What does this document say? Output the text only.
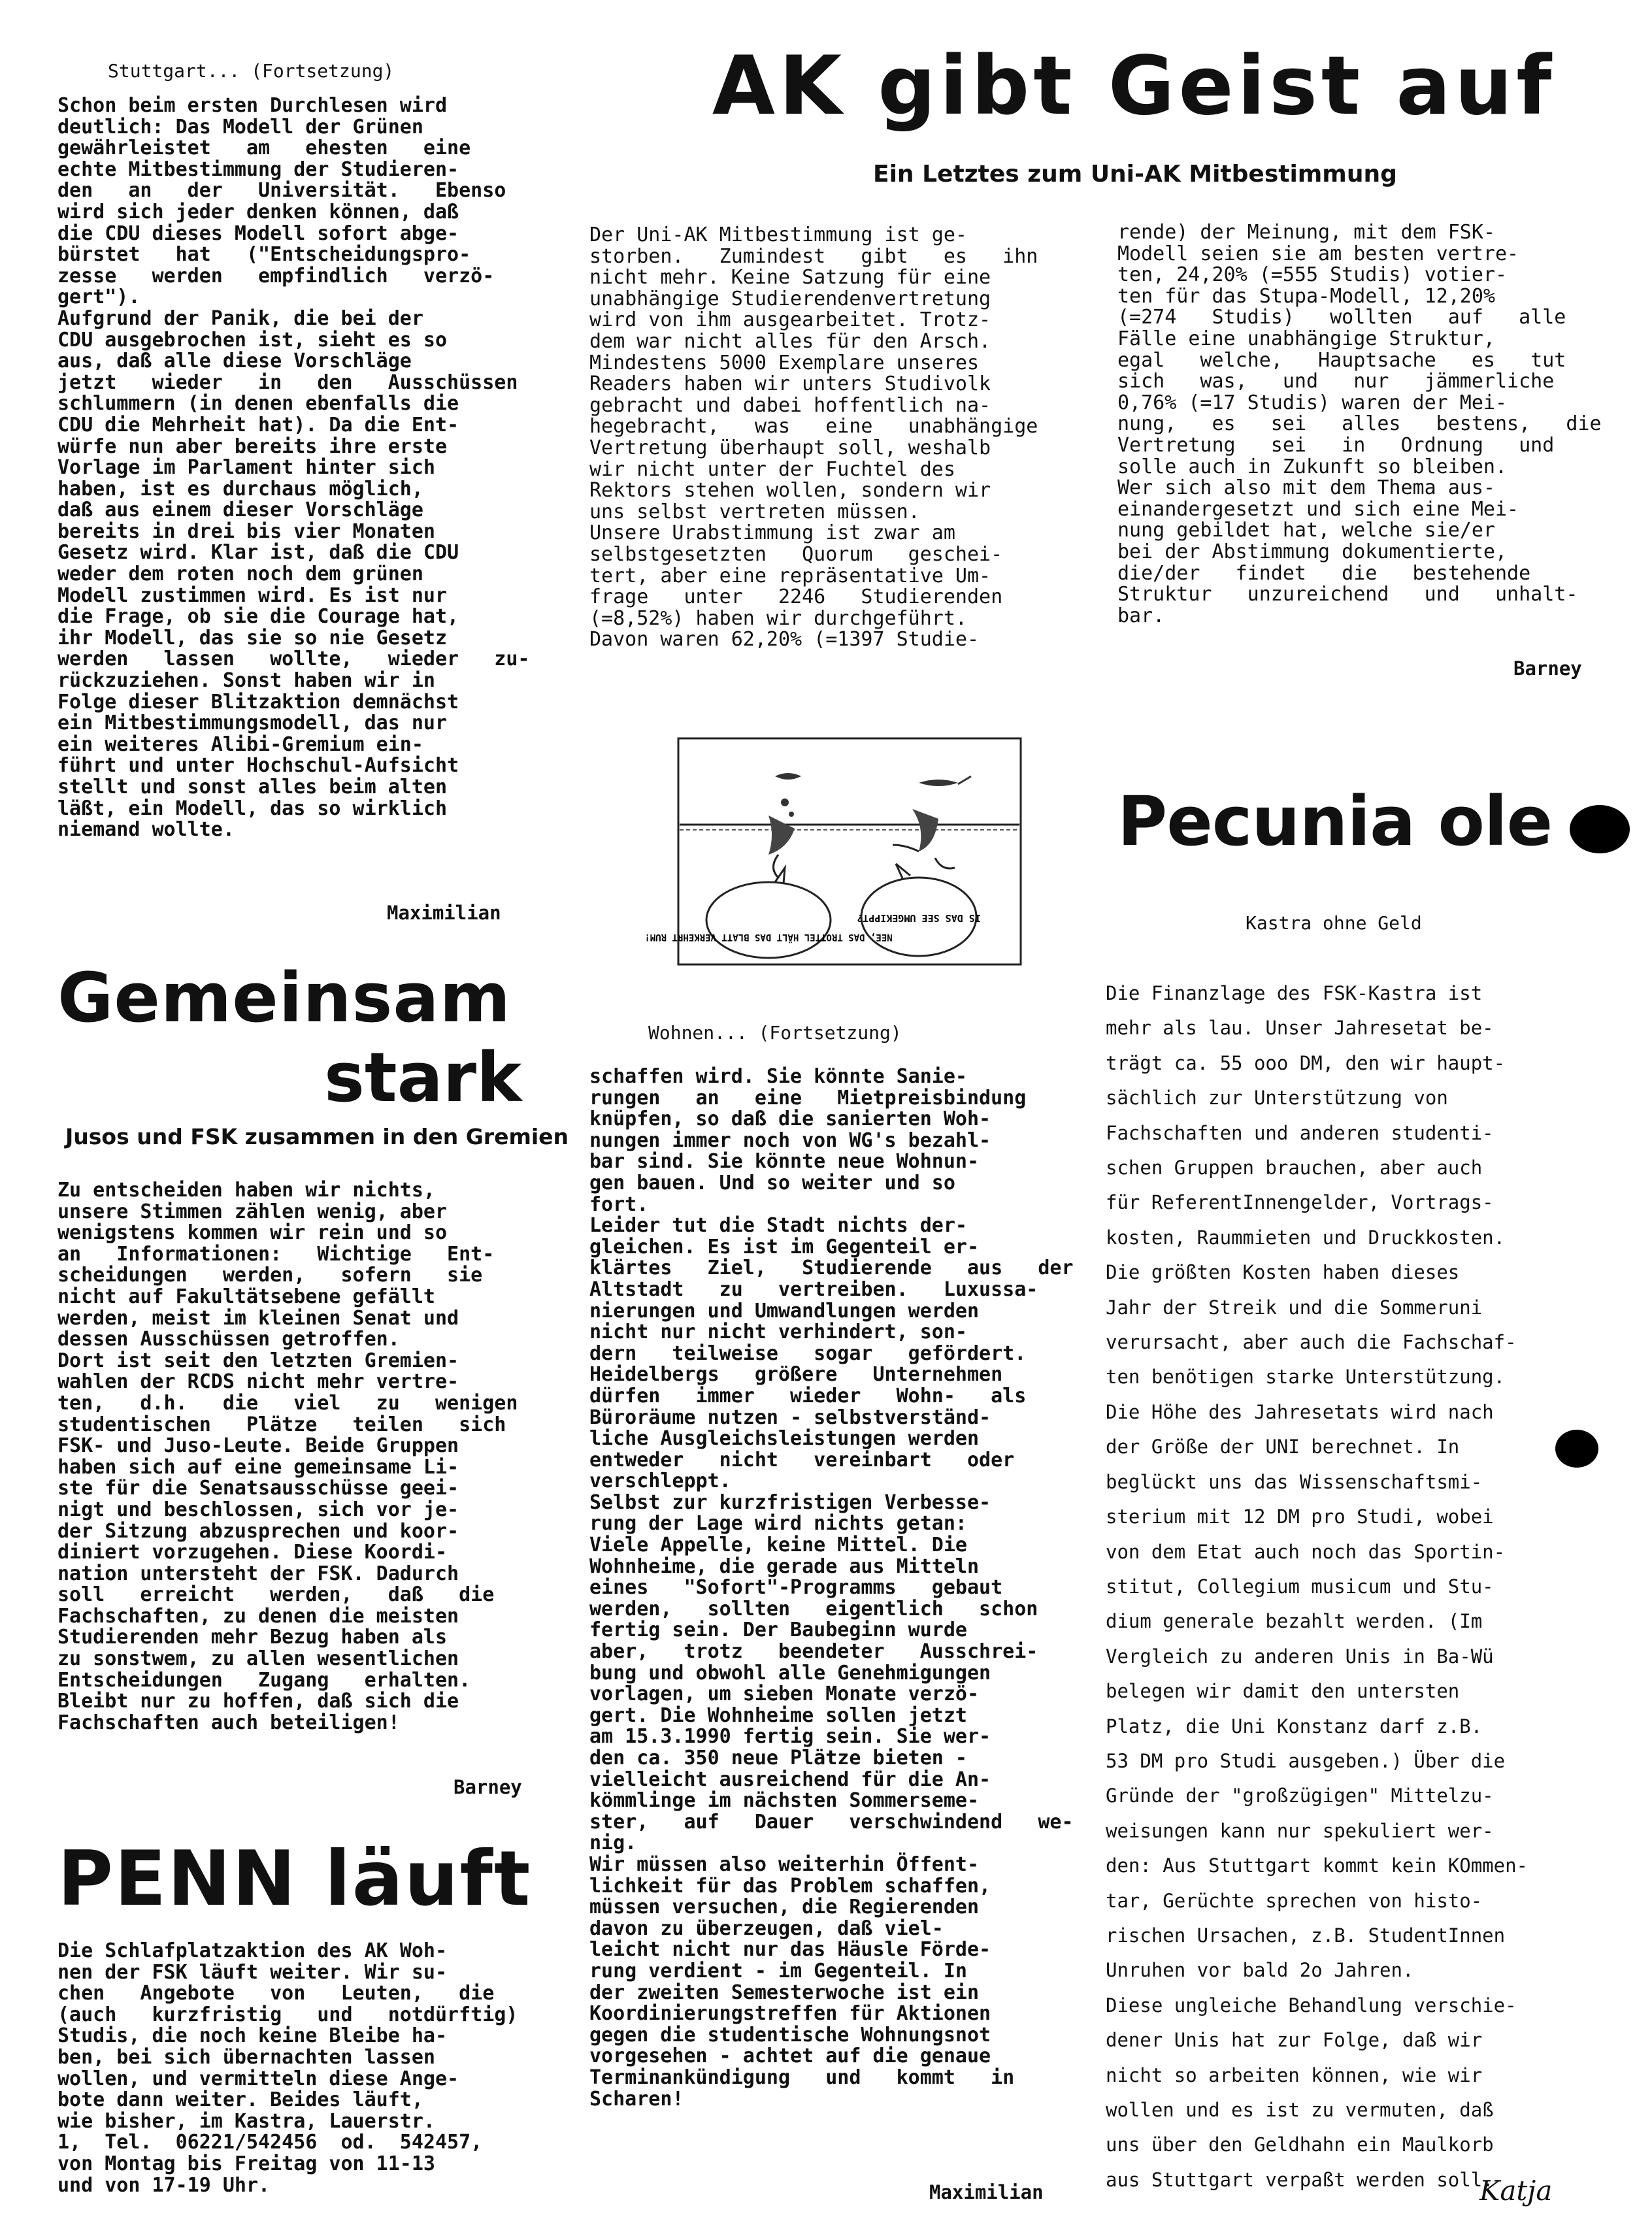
Stuttgart... (Fortsetzung)
Schon beim ersten Durchlesen wird
deutlich: Das Modell der Grünen
gewährleistet   am   ehesten   eine
echte Mitbestimmung der Studieren-
den   an   der   Universität.   Ebenso
wird sich jeder denken können, daß
die CDU dieses Modell sofort abge-
bürstet   hat   ("Entscheidungspro-
zesse   werden   empfindlich   verzö-
gert").
Aufgrund der Panik, die bei der
CDU ausgebrochen ist, sieht es so
aus, daß alle diese Vorschläge
jetzt   wieder   in   den   Ausschüssen
schlummern (in denen ebenfalls die
CDU die Mehrheit hat). Da die Ent-
würfe nun aber bereits ihre erste
Vorlage im Parlament hinter sich
haben, ist es durchaus möglich,
daß aus einem dieser Vorschläge
bereits in drei bis vier Monaten
Gesetz wird. Klar ist, daß die CDU
weder dem roten noch dem grünen
Modell zustimmen wird. Es ist nur
die Frage, ob sie die Courage hat,
ihr Modell, das sie so nie Gesetz
werden   lassen   wollte,   wieder   zu-
rückzuziehen. Sonst haben wir in
Folge dieser Blitzaktion demnächst
ein Mitbestimmungsmodell, das nur
ein weiteres Alibi-Gremium ein-
führt und unter Hochschul-Aufsicht
stellt und sonst alles beim alten
läßt, ein Modell, das so wirklich
niemand wollte.
Maximilian
Gemeinsam
stark
Jusos und FSK zusammen in den Gremien
Zu entscheiden haben wir nichts,
unsere Stimmen zählen wenig, aber
wenigstens kommen wir rein und so
an   Informationen:   Wichtige   Ent-
scheidungen   werden,   sofern   sie
nicht auf Fakultätsebene gefällt
werden, meist im kleinen Senat und
dessen Ausschüssen getroffen.
Dort ist seit den letzten Gremien-
wahlen der RCDS nicht mehr vertre-
ten,   d.h.   die   viel   zu   wenigen
studentischen   Plätze   teilen   sich
FSK- und Juso-Leute. Beide Gruppen
haben sich auf eine gemeinsame Li-
ste für die Senatsausschüsse geei-
nigt und beschlossen, sich vor je-
der Sitzung abzusprechen und koor-
diniert vorzugehen. Diese Koordi-
nation untersteht der FSK. Dadurch
soll   erreicht   werden,   daß   die
Fachschaften, zu denen die meisten
Studierenden mehr Bezug haben als
zu sonstwem, zu allen wesentlichen
Entscheidungen   Zugang   erhalten.
Bleibt nur zu hoffen, daß sich die
Fachschaften auch beteiligen!
Barney
PENN läuft
Die Schlafplatzaktion des AK Woh-
nen der FSK läuft weiter. Wir su-
chen   Angebote   von   Leuten,   die
(auch   kurzfristig   und   notdürftig)
Studis, die noch keine Bleibe ha-
ben, bei sich übernachten lassen
wollen, und vermitteln diese Ange-
bote dann weiter. Beides läuft,
wie bisher, im Kastra, Lauerstr.
1,  Tel.  06221/542456  od.  542457,
von Montag bis Freitag von 11-13
und von 17-19 Uhr.
AK gibt Geist auf
Ein Letztes zum Uni-AK Mitbestimmung
Der Uni-AK Mitbestimmung ist ge-
storben.   Zumindest   gibt   es   ihn
nicht mehr. Keine Satzung für eine
unabhängige Studierendenvertretung
wird von ihm ausgearbeitet. Trotz-
dem war nicht alles für den Arsch.
Mindestens 5000 Exemplare unseres
Readers haben wir unters Studivolk
gebracht und dabei hoffentlich na-
hegebracht,   was   eine   unabhängige
Vertretung überhaupt soll, weshalb
wir nicht unter der Fuchtel des
Rektors stehen wollen, sondern wir
uns selbst vertreten müssen.
Unsere Urabstimmung ist zwar am
selbstgesetzten   Quorum   geschei-
tert, aber eine repräsentative Um-
frage   unter   2246   Studierenden
(=8,52%) haben wir durchgeführt.
Davon waren 62,20% (=1397 Studie-
rende) der Meinung, mit dem FSK-
Modell seien sie am besten vertre-
ten, 24,20% (=555 Studis) votier-
ten für das Stupa-Modell, 12,20%
(=274   Studis)   wollten   auf   alle
Fälle eine unabhängige Struktur,
egal   welche,   Hauptsache   es   tut
sich   was,   und   nur   jämmerliche
0,76% (=17 Studis) waren der Mei-
nung,   es   sei   alles   bestens,   die
Vertretung   sei   in   Ordnung   und
solle auch in Zukunft so bleiben.
Wer sich also mit dem Thema aus-
einandergesetzt und sich eine Mei-
nung gebildet hat, welche sie/er
bei der Abstimmung dokumentierte,
die/der   findet   die   bestehende
Struktur   unzureichend   und   unhalt-
bar.
Barney
NEE, DAS TROTTEL HÄLT DAS BLATT VERKEHRT RUM!
IS DAS SEE UMGEKIPPT?
Wohnen... (Fortsetzung)
schaffen wird. Sie könnte Sanie-
rungen   an   eine   Mietpreisbindung
knüpfen, so daß die sanierten Woh-
nungen immer noch von WG's bezahl-
bar sind. Sie könnte neue Wohnun-
gen bauen. Und so weiter und so
fort.
Leider tut die Stadt nichts der-
gleichen. Es ist im Gegenteil er-
klärtes   Ziel,   Studierende   aus   der
Altstadt   zu   vertreiben.   Luxussa-
nierungen und Umwandlungen werden
nicht nur nicht verhindert, son-
dern   teilweise   sogar   gefördert.
Heidelbergs   größere   Unternehmen
dürfen   immer   wieder   Wohn-   als
Büroräume nutzen - selbstverständ-
liche Ausgleichsleistungen werden
entweder   nicht   vereinbart   oder
verschleppt.
Selbst zur kurzfristigen Verbesse-
rung der Lage wird nichts getan:
Viele Appelle, keine Mittel. Die
Wohnheime, die gerade aus Mitteln
eines   "Sofort"-Programms   gebaut
werden,   sollten   eigentlich   schon
fertig sein. Der Baubeginn wurde
aber,   trotz   beendeter   Ausschrei-
bung und obwohl alle Genehmigungen
vorlagen, um sieben Monate verzö-
gert. Die Wohnheime sollen jetzt
am 15.3.1990 fertig sein. Sie wer-
den ca. 350 neue Plätze bieten -
vielleicht ausreichend für die An-
kömmlinge im nächsten Sommerseme-
ster,   auf   Dauer   verschwindend   we-
nig.
Wir müssen also weiterhin Öffent-
lichkeit für das Problem schaffen,
müssen versuchen, die Regierenden
davon zu überzeugen, daß viel-
leicht nicht nur das Häusle Förde-
rung verdient - im Gegenteil. In
der zweiten Semesterwoche ist ein
Koordinierungstreffen für Aktionen
gegen die studentische Wohnungsnot
vorgesehen - achtet auf die genaue
Terminankündigung   und   kommt   in
Scharen!
Maximilian
Pecunia ole
Kastra ohne Geld
Die Finanzlage des FSK-Kastra ist
mehr als lau. Unser Jahresetat be-
trägt ca. 55 ooo DM, den wir haupt-
sächlich zur Unterstützung von
Fachschaften und anderen studenti-
schen Gruppen brauchen, aber auch
für ReferentInnengelder, Vortrags-
kosten, Raummieten und Druckkosten.
Die größten Kosten haben dieses
Jahr der Streik und die Sommeruni
verursacht, aber auch die Fachschaf-
ten benötigen starke Unterstützung.
Die Höhe des Jahresetats wird nach
der Größe der UNI berechnet. In
beglückt uns das Wissenschaftsmi-
sterium mit 12 DM pro Studi, wobei
von dem Etat auch noch das Sportin-
stitut, Collegium musicum und Stu-
dium generale bezahlt werden. (Im
Vergleich zu anderen Unis in Ba-Wü
belegen wir damit den untersten
Platz, die Uni Konstanz darf z.B.
53 DM pro Studi ausgeben.) Über die
Gründe der "großzügigen" Mittelzu-
weisungen kann nur spekuliert wer-
den: Aus Stuttgart kommt kein KOmmen-
tar, Gerüchte sprechen von histo-
rischen Ursachen, z.B. StudentInnen
Unruhen vor bald 2o Jahren.
Diese ungleiche Behandlung verschie-
dener Unis hat zur Folge, daß wir
nicht so arbeiten können, wie wir
wollen und es ist zu vermuten, daß
uns über den Geldhahn ein Maulkorb
aus Stuttgart verpaßt werden soll.
Katja
